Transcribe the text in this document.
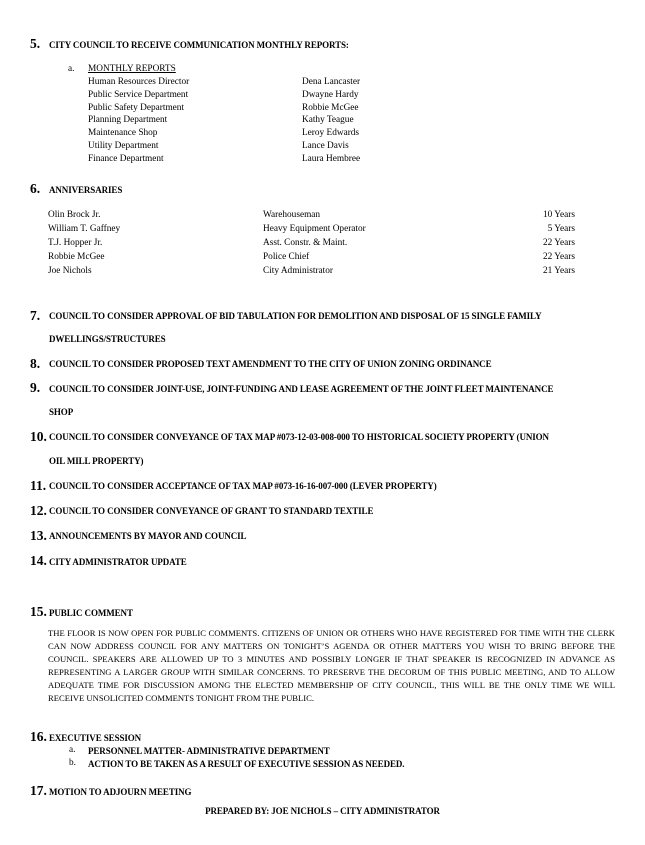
5. CITY COUNCIL TO RECEIVE COMMUNICATION MONTHLY REPORTS:
a. MONTHLY REPORTS
Human Resources Director	Dena Lancaster
Public Service Department	Dwayne Hardy
Public Safety Department	Robbie McGee
Planning Department	Kathy Teague
Maintenance Shop	Leroy Edwards
Utility Department	Lance Davis
Finance Department	Laura Hembree
6. ANNIVERSARIES
Olin Brock Jr.	Warehouseman	10 Years
William T. Gaffney	Heavy Equipment Operator	5 Years
T.J. Hopper Jr.	Asst. Constr. & Maint.	22 Years
Robbie McGee	Police Chief	22 Years
Joe Nichols	City Administrator	21 Years
7. COUNCIL TO CONSIDER APPROVAL OF BID TABULATION FOR DEMOLITION AND DISPOSAL OF 15 SINGLE FAMILY
DWELLINGS/STRUCTURES
8. COUNCIL TO CONSIDER PROPOSED TEXT AMENDMENT TO THE CITY OF UNION ZONING ORDINANCE
9. COUNCIL TO CONSIDER JOINT-USE, JOINT-FUNDING AND LEASE AGREEMENT OF THE JOINT FLEET MAINTENANCE
SHOP
10. COUNCIL TO CONSIDER CONVEYANCE OF TAX MAP #073-12-03-008-000 TO HISTORICAL SOCIETY PROPERTY (UNION
OIL MILL PROPERTY)
11. COUNCIL TO CONSIDER ACCEPTANCE OF TAX MAP #073-16-16-007-000 (LEVER PROPERTY)
12. COUNCIL TO CONSIDER CONVEYANCE OF GRANT TO STANDARD TEXTILE
13. ANNOUNCEMENTS BY MAYOR AND COUNCIL
14. CITY ADMINISTRATOR UPDATE
15. PUBLIC COMMENT
THE FLOOR IS NOW OPEN FOR PUBLIC COMMENTS. CITIZENS OF UNION OR OTHERS WHO HAVE REGISTERED FOR TIME WITH THE CLERK CAN NOW ADDRESS COUNCIL FOR ANY MATTERS ON TONIGHT’S AGENDA OR OTHER MATTERS YOU WISH TO BRING BEFORE THE COUNCIL. SPEAKERS ARE ALLOWED UP TO 3 MINUTES AND POSSIBLY LONGER IF THAT SPEAKER IS RECOGNIZED IN ADVANCE AS REPRESENTING A LARGER GROUP WITH SIMILAR CONCERNS. TO PRESERVE THE DECORUM OF THIS PUBLIC MEETING, AND TO ALLOW ADEQUATE TIME FOR DISCUSSION AMONG THE ELECTED MEMBERSHIP OF CITY COUNCIL, THIS WILL BE THE ONLY TIME WE WILL RECEIVE UNSOLICITED COMMENTS TONIGHT FROM THE PUBLIC.
16. EXECUTIVE SESSION
a. PERSONNEL MATTER- ADMINISTRATIVE DEPARTMENT
b. ACTION TO BE TAKEN AS A RESULT OF EXECUTIVE SESSION AS NEEDED.
17. MOTION TO ADJOURN MEETING
PREPARED BY: JOE NICHOLS – CITY ADMINISTRATOR
